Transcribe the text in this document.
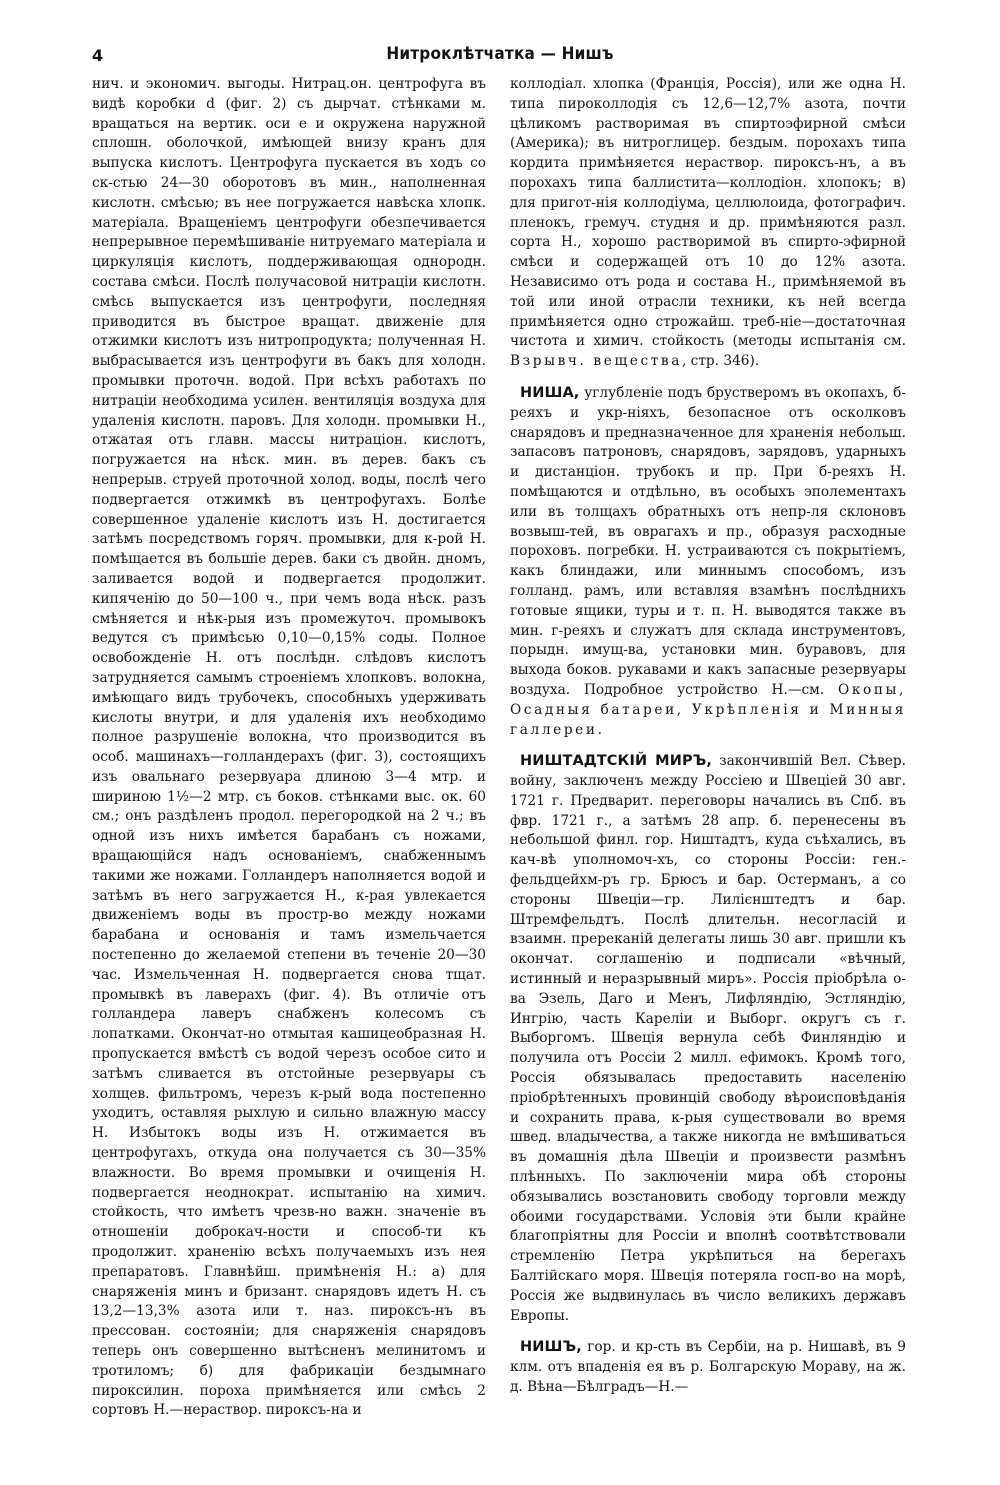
4	Нитроклѣтчатка — Нишъ

нич. и экономич. выгоды. Нитрац.он. центрофуга въ видѣ коробки d (фиг. 2) съ дырчат. стѣнками м. вращаться на вертик. оси e и окружена наружной сплошн. оболочкой, имѣющей внизу кранъ для выпуска кислотъ. Центрофуга пускается въ ходъ со ск-стью 24—30 оборотовъ въ мин., наполненная кислотн. смѣсью; въ нее погружается навѣска хлопк. матеріала. Вращеніемъ центрофуги обезпечивается непрерывное перемѣшиваніе нитруемаго матеріала и циркуляція кислотъ, поддерживающая однородн. состава смѣси. Послѣ получасовой нитраціи кислотн. смѣсь выпускается изъ центрофуги, последняя приводится въ быстрое вращат. движеніе для отжимки кислотъ изъ нитропродукта; полученная Н. выбрасывается изъ центрофуги въ бакъ для холодн. промывки проточн. водой. При всѣхъ работахъ по нитраціи необходима усилен. вентиляція воздуха для удаленія кислотн. паровъ. Для холодн. промывки Н., отжатая отъ главн. массы нитраціон. кислотъ, погружается на нѣск. мин. въ дерев. бакъ съ непрерыв. струей проточной холод. воды, послѣ чего подвергается отжимкѣ въ центрофугахъ. Болѣе совершенное удаленіе кислотъ изъ Н. достигается затѣмъ посредствомъ горяч. промывки, для к-рой Н. помѣщается въ большіе дерев. баки съ двойн. дномъ, заливается водой и подвергается продолжит. кипяченію до 50—100 ч., при чемъ вода нѣск. разъ смѣняется и нѣк-рыя изъ промежуточ. промывокъ ведутся съ примѣсью 0,10—0,15% соды. Полное освобожденіе Н. отъ послѣдн. слѣдовъ кислотъ затрудняется самымъ строеніемъ хлопковъ. волокна, имѣющаго видъ трубочекъ, способныхъ удерживать кислоты внутри, и для удаленія ихъ необходимо полное разрушеніе волокна, что производится въ особ. машинахъ—голландерахъ (фиг. 3), состоящихъ изъ овальнаго резервуара длиною 3—4 мтр. и шириною 1½—2 мтр. съ боков. стѣнками выс. ок. 60 см.; онъ раздѣленъ продол. перегородкой на 2 ч.; въ одной изъ нихъ имѣется барабанъ съ ножами, вращающійся надъ основаніемъ, снабженнымъ такими же ножами. Голландеръ наполняется водой и затѣмъ въ него загружается Н., к-рая увлекается движеніемъ воды въ простр-во между ножами барабана и основанія и тамъ измельчается постепенно до желаемой степени въ теченіе 20—30 час. Измельченная Н. подвергается снова тщат. промывкѣ въ лаверахъ (фиг. 4). Въ отличіе отъ голландера лаверъ снабженъ колесомъ съ лопатками. Окончат-но отмытая кашицеобразная Н. пропускается вмѣстѣ съ водой черезъ особое сито и затѣмъ сливается въ отстойные резервуары съ холщев. фильтромъ, черезъ к-рый вода постепенно уходитъ, оставляя рыхлую и сильно влажную массу Н. Избытокъ воды изъ Н. отжимается въ центрофугахъ, откуда она получается съ 30—35% влажности. Во время промывки и очищенія Н. подвергается неоднократ. испытанію на химич. стойкость, что имѣетъ чрезв-но важн. значеніе въ отношеніи доброкач-ности и способ-ти къ продолжит. храненію всѣхъ получаемыхъ изъ нея препаратовъ. Главнѣйш. примѣненія Н.: а) для снаряженія минъ и бризант. снарядовъ идетъ Н. съ 13,2—13,3% азота или т. наз. пироксъ-нъ въ прессован. состояніи; для снаряженія снарядовъ теперь онъ совершенно вытѣсненъ мелинитомъ и тротиломъ; б) для фабрикаціи бездымнаго пироксилин. пороха примѣняется или смѣсь 2 сортовъ Н.—нераствор. пироксъ-на и

коллодіал. хлопка (Франція, Россія), или же одна Н. типа пироколлодія съ 12,6—12,7% азота, почти цѣликомъ растворимая въ спиртоэфирной смѣси (Америка); въ нитроглицер. бездым. порохахъ типа кордита примѣняется нераствор. пироксъ-нъ, а въ порохахъ типа баллистита—коллодіон. хлопокъ; в) для пригот-нія коллодіума, целлюлоида, фотографич. пленокъ, гремуч. студня и др. примѣняются разл. сорта Н., хорошо растворимой въ спирто-эфирной смѣси и содержащей отъ 10 до 12% азота. Независимо отъ рода и состава Н., примѣняемой въ той или иной отрасли техники, къ ней всегда примѣняется одно строжайш. треб-ніе—достаточная чистота и химич. стойкость (методы испытанія см. Взрывч. вещества, стр. 346).

НИША, углубленіе подъ брустверомъ въ окопахъ, б-реяхъ и укр-ніяхъ, безопасное отъ осколковъ снарядовъ и предназначенное для храненія небольш. запасовъ патроновъ, снарядовъ, зарядовъ, ударныхъ и дистанціон. трубокъ и пр. При б-реяхъ Н. помѣщаются и отдѣльно, въ особыхъ эполементахъ или въ толщахъ обратныхъ отъ непр-ля склоновъ возвыш-тей, въ оврагахъ и пр., образуя расходные пороховъ. погребки. Н. устраиваются съ покрытіемъ, какъ блиндажи, или миннымъ способомъ, изъ голланд. рамъ, или вставляя взамѣнъ послѣднихъ готовые ящики, туры и т. п. Н. выводятся также въ мин. г-реяхъ и служатъ для склада инструментовъ, порыдн. имущ-ва, установки мин. буравовъ, для выхода боков. рукавами и какъ запасные резервуары воздуха. Подробное устройство Н.—см. Окопы, Осадныя батареи, Укрѣпленія и Минныя галлереи.

НИШТАДТСКІЙ МИРЪ, закончившій Вел. Сѣвер. войну, заключенъ между Россіею и Швеціей 30 авг. 1721 г. Предварит. переговоры начались въ Спб. въ фвр. 1721 г., а затѣмъ 28 апр. б. перенесены въ небольшой финл. гор. Ништадтъ, куда съѣхались, въ кач-вѣ уполномоч-хъ, со стороны Россіи: ген.-фельдцейхм-ръ гр. Брюсъ и бар. Остерманъ, а со стороны Швеціи—гр. Лилієнштедтъ и бар. Штремфельдтъ. Послѣ длительн. несогласій и взаимн. пререканій делегаты лишь 30 авг. пришли къ окончат. соглашенію и подписали «вѣчный, истинный и неразрывный миръ». Россія пріобрѣла о-ва Эзель, Даго и Менъ, Лифляндію, Эстляндію, Ингрію, часть Кареліи и Выборг. округъ съ г. Выборгомъ. Швеція вернула себѣ Финляндію и получила отъ Россіи 2 милл. ефимокъ. Кромѣ того, Россія обязывалась предоставить населенію пріобрѣтенныхъ провинцій свободу вѣроисповѣданія и сохранить права, к-рыя существовали во время швед. владычества, а также никогда не вмѣшиваться въ домашнія дѣла Швеціи и произвести размѣнъ плѣнныхъ. По заключеніи мира обѣ стороны обязывались возстановить свободу торговли между обоими государствами. Условія эти были крайне благопріятны для Россіи и вполнѣ соотвѣтствовали стремленію Петра укрѣпиться на берегахъ Балтійскаго моря. Швеція потеряла госп-во на морѣ, Россія же выдвинулась въ число великихъ державъ Европы.

НИШЪ, гор. и кр-сть въ Сербіи, на р. Нишавѣ, въ 9 клм. отъ впаденія ея въ р. Болгарскую Мораву, на ж. д. Вѣна—Бѣлградъ—Н.—
